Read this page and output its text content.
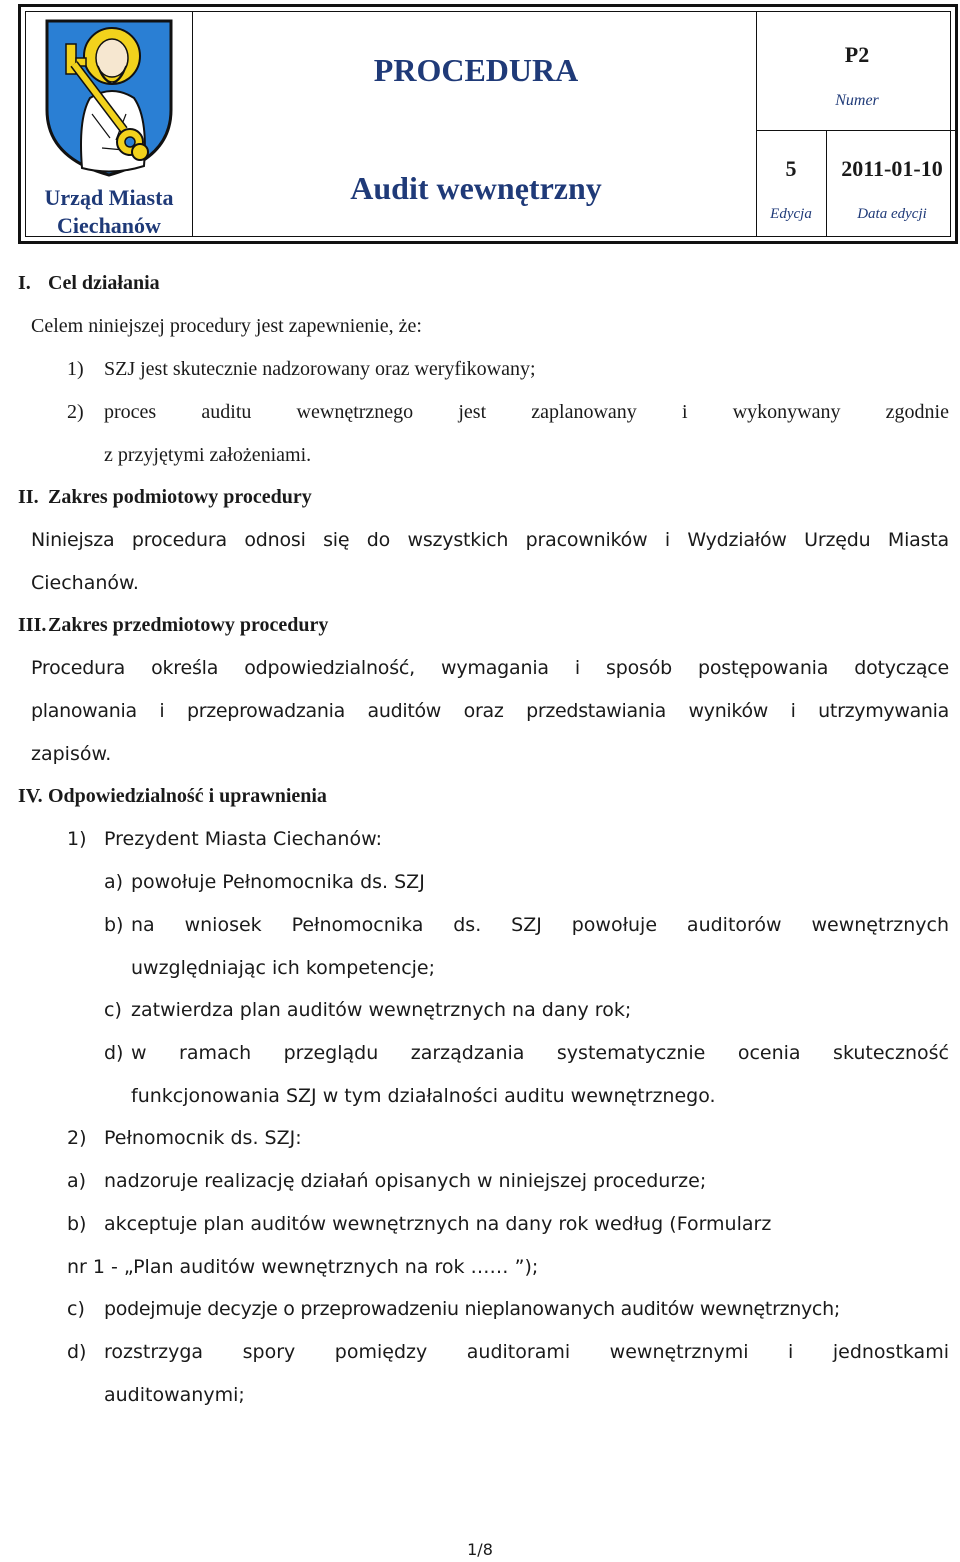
Urząd Miasta Ciechanów
PROCEDURA
Audit wewnętrzny
P2
Numer
5
Edycja
2011-01-10
Data edycji
I. Cel działania
Celem niniejszej procedury jest zapewnienie, że:
1) SZJ jest skutecznie nadzorowany oraz weryfikowany;
2) proces auditu wewnętrznego jest zaplanowany i wykonywany zgodnie
z przyjętymi założeniami.
II. Zakres podmiotowy procedury
Niniejsza procedura odnosi się do wszystkich pracowników i Wydziałów Urzędu Miasta
Ciechanów.
III. Zakres przedmiotowy procedury
Procedura określa odpowiedzialność, wymagania i sposób postępowania dotyczące
planowania i przeprowadzania auditów oraz przedstawiania wyników i utrzymywania
zapisów.
IV. Odpowiedzialność i uprawnienia
1) Prezydent Miasta Ciechanów:
a) powołuje Pełnomocnika ds. SZJ
b) na wniosek Pełnomocnika ds. SZJ powołuje auditorów wewnętrznych
uwzględniając ich kompetencje;
c) zatwierdza plan auditów wewnętrznych na dany rok;
d) w ramach przeglądu zarządzania systematycznie ocenia skuteczność
funkcjonowania SZJ w tym działalności auditu wewnętrznego.
2) Pełnomocnik ds. SZJ:
a) nadzoruje realizację działań opisanych w niniejszej procedurze;
b) akceptuje plan auditów wewnętrznych na dany rok według (Formularz
nr 1 - „Plan auditów wewnętrznych na rok …… ”);
c) podejmuje decyzje o przeprowadzeniu nieplanowanych auditów wewnętrznych;
d) rozstrzyga spory pomiędzy auditorami wewnętrznymi i jednostkami
auditowanymi;
1/8
